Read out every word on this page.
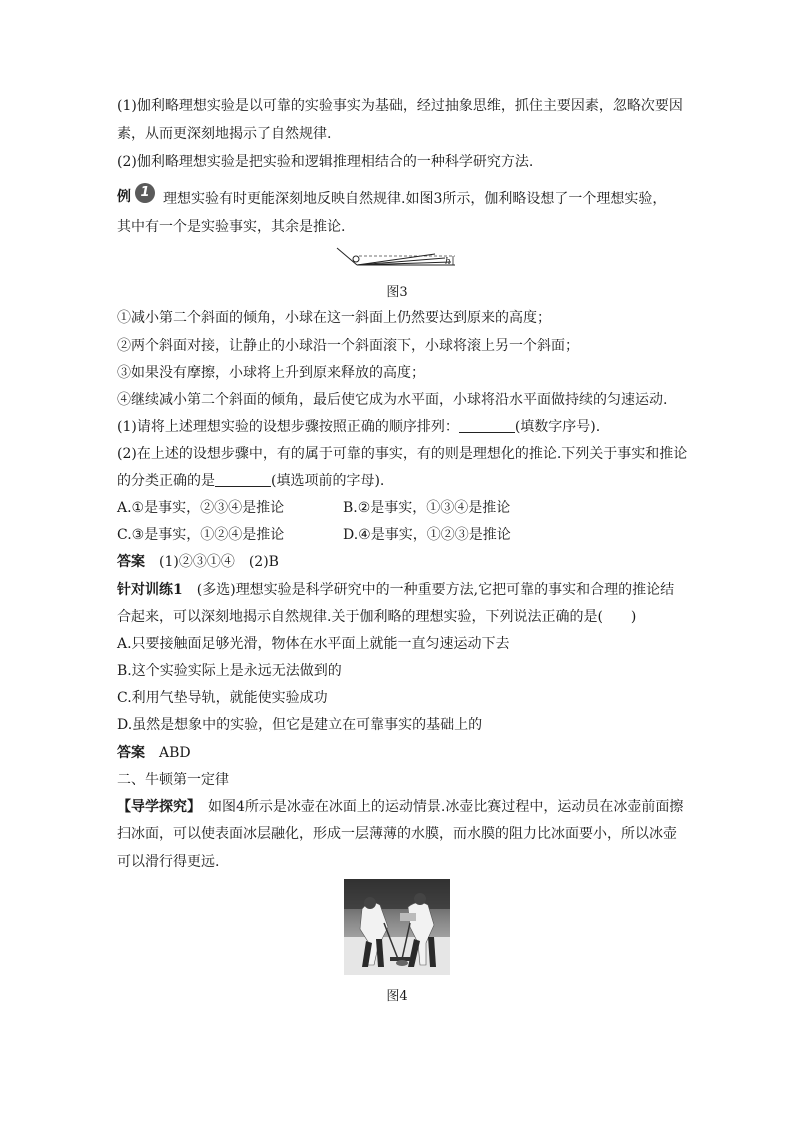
(1)伽利略理想实验是以可靠的实验事实为基础，经过抽象思维，抓住主要因素，忽略次要因
素，从而更深刻地揭示了自然规律.
(2)伽利略理想实验是把实验和逻辑推理相结合的一种科学研究方法.
例 1 理想实验有时更能深刻地反映自然规律.如图3所示，伽利略设想了一个理想实验，
其中有一个是实验事实，其余是推论.
h
图3
①减小第二个斜面的倾角，小球在这一斜面上仍然要达到原来的高度；
②两个斜面对接，让静止的小球沿一个斜面滚下，小球将滚上另一个斜面；
③如果没有摩擦，小球将上升到原来释放的高度；
④继续减小第二个斜面的倾角，最后使它成为水平面，小球将沿水平面做持续的匀速运动.
(1)请将上述理想实验的设想步骤按照正确的顺序排列：	(填数字序号).
(2)在上述的设想步骤中，有的属于可靠的事实，有的则是理想化的推论.下列关于事实和推论
的分类正确的是	(填选项前的字母).
A.①是事实，②③④是推论	B.②是事实，①③④是推论
C.③是事实，①②④是推论	D.④是事实，①②③是推论
答案　 (1)②③①④　(2)B
针对训练1　 (多选)理想实验是科学研究中的一种重要方法,它把可靠的事实和合理的推论结
合起来，可以深刻地揭示自然规律.关于伽利略的理想实验，下列说法正确的是(　　)
A.只要接触面足够光滑，物体在水平面上就能一直匀速运动下去
B.这个实验实际上是永远无法做到的
C.利用气垫导轨，就能使实验成功
D.虽然是想象中的实验，但它是建立在可靠事实的基础上的
答案　 ABD
二、牛顿第一定律
【导学探究】　 如图4所示是冰壶在冰面上的运动情景.冰壶比赛过程中，运动员在冰壶前面擦
扫冰面，可以使表面冰层融化，形成一层薄薄的水膜，而水膜的阻力比冰面要小，所以冰壶
可以滑行得更远.
图4
